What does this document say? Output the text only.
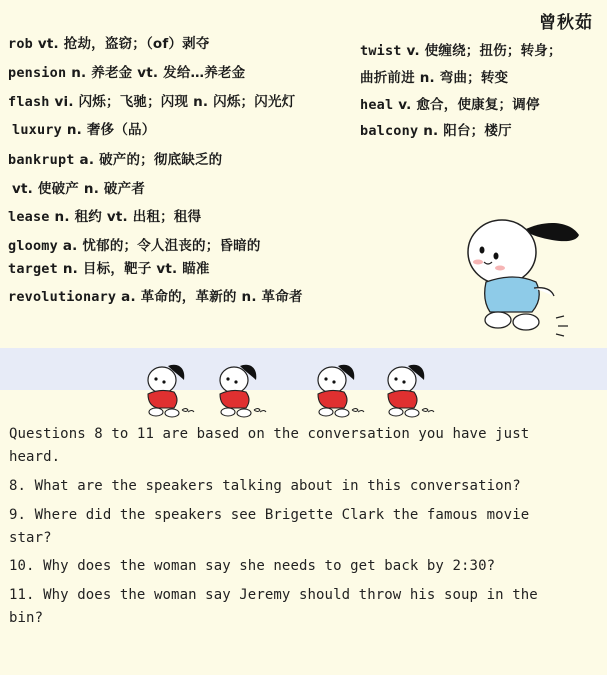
曾秋茹
rob vt. 抢劫，盗窃；（of）剥夺
pension n. 养老金 vt. 发给…养老金
flash vi. 闪烁；飞驰；闪现 n. 闪烁；闪光灯
luxury n. 奢侈（品）
bankrupt a. 破产的；彻底缺乏的
vt. 使破产 n. 破产者
lease n. 租约 vt. 出租；租得
gloomy a. 忧郁的；令人沮丧的；昏暗的
target n. 目标，靶子 vt. 瞄准
revolutionary a. 革命的，革新的 n. 革命者
twist v. 使缠绕；扭伤；转身；
曲折前进 n. 弯曲；转变
heal v. 愈合，使康复；调停
balcony n. 阳台；楼厅
Questions 8 to 11 are based on the conversation you have just heard.
8. What are the speakers talking about in this conversation?
9. Where did the speakers see Brigette Clark the famous movie star?
10. Why does the woman say she needs to get back by 2:30?
11. Why does the woman say Jeremy should throw his soup in the bin?
